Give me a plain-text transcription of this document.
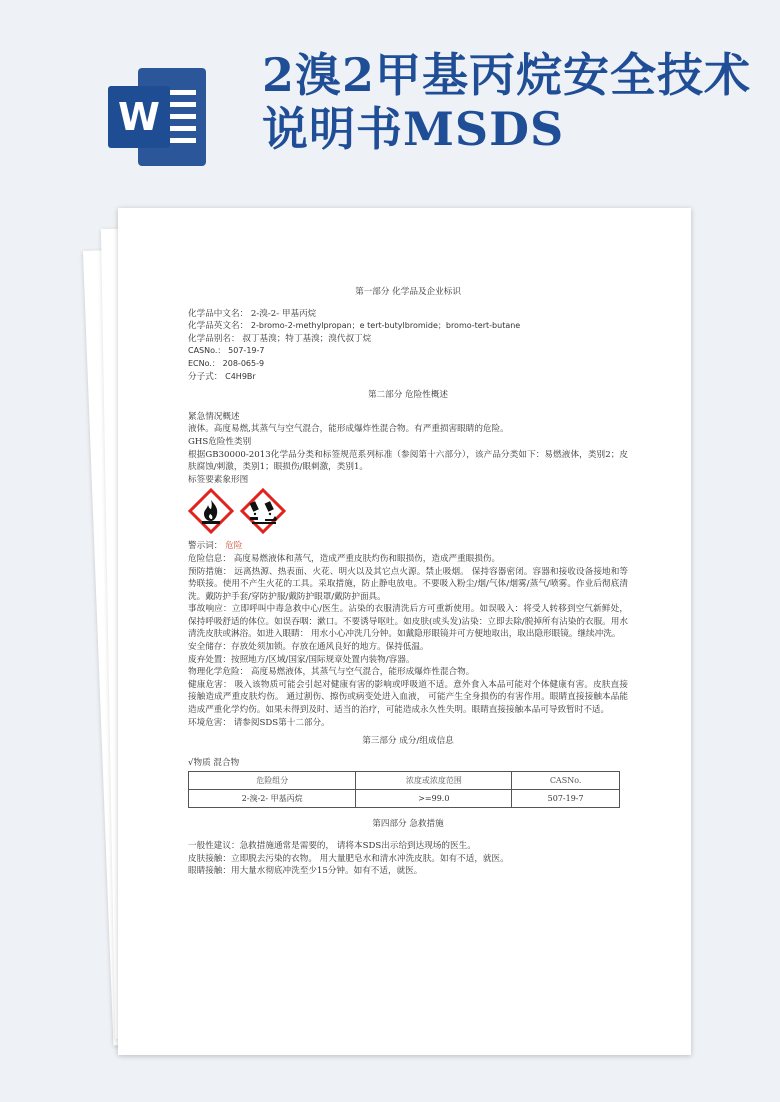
W
2溴2甲基丙烷安全技术说明书MSDS
第一部分 化学品及企业标识
化学品中文名： 2-溴-2- 甲基丙烷
化学品英文名： 2-bromo-2-methylpropan；e tert-butylbromide；bromo-tert-butane
化学品别名： 叔丁基溴；特丁基溴；溴代叔丁烷
CASNo.： 507-19-7
ECNo.： 208-065-9
分子式： C4H9Br
第二部分 危险性概述

紧急情况概述

液体。高度易燃,其蒸气与空气混合，能形成爆炸性混合物。有严重损害眼睛的危险。

GHS危险性类别

根据GB30000-2013化学品分类和标签规范系列标准（参阅第十六部分），该产品分类如下：易燃液体，类别2；皮肤腐蚀/刺激，类别1；眼损伤/眼刺激，类别1。

标签要素象形图

警示词： 危险

危险信息： 高度易燃液体和蒸气，造成严重皮肤灼伤和眼损伤，造成严重眼损伤。

预防措施： 远离热源、热表面、火花、明火以及其它点火源。禁止吸烟。 保持容器密闭。容器和接收设备接地和等势联接。使用不产生火花的工具。采取措施，防止静电放电。不要吸入粉尘/烟/气体/烟雾/蒸气/喷雾。作业后彻底清洗。戴防护手套/穿防护服/戴防护眼罩/戴防护面具。

事故响应：立即呼叫中毒急救中心/医生。沾染的衣服清洗后方可重新使用。如误吸入：将受人转移到空气新鲜处，保持呼吸舒适的体位。如误吞咽：漱口。不要诱导呕吐。如皮肤(或头发)沾染：立即去除/脱掉所有沾染的衣服。用水清洗皮肤或淋浴。如进入眼睛： 用水小心冲洗几分钟。如戴隐形眼镜并可方便地取出，取出隐形眼镜。继续冲洗。

安全储存：存放处须加锁。存放在通风良好的地方。保持低温。

废弃处置：按照地方/区域/国家/国际规章处置内装物/容器。

物理化学危险： 高度易燃液体，其蒸气与空气混合，能形成爆炸性混合物。

健康危害： 吸入该物质可能会引起对健康有害的影响或呼吸道不适。意外食入本品可能对个体健康有害。皮肤直接接触造成严重皮肤灼伤。 通过割伤、擦伤或病变处进入血液， 可能产生全身损伤的有害作用。眼睛直接接触本品能造成严重化学灼伤。如果未得到及时、适当的治疗，可能造成永久性失明。眼睛直接接触本品可导致暂时不适。

环境危害： 请参阅SDS第十二部分。

第三部分 成分/组成信息

√物质 混合物

危险组分	浓度或浓度范围	CASNo.
2-溴-2- 甲基丙烷	>=99.0	507-19-7
第四部分 急救措施

一般性建议：急救措施通常是需要的， 请将本SDS出示给到达现场的医生。

皮肤接触：立即脱去污染的衣物。 用大量肥皂水和清水冲洗皮肤。如有不适，就医。

眼睛接触：用大量水彻底冲洗至少15分钟。如有不适，就医。
